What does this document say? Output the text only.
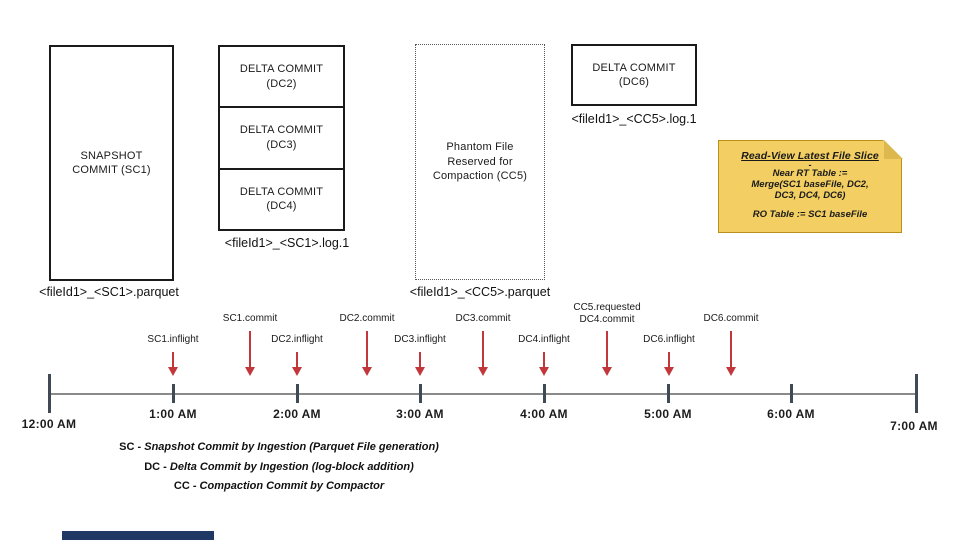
SNAPSHOT
COMMIT (SC1)
<fileId1>_<SC1>.parquet
DELTA COMMIT
(DC2)
DELTA COMMIT
(DC3)
DELTA COMMIT
(DC4)
<fileId1>_<SC1>.log.1
Phantom File
Reserved for
Compaction (CC5)
<fileId1>_<CC5>.parquet
DELTA COMMIT
(DC6)
<fileId1>_<CC5>.log.1
Read-View Latest File Slice
-
Near RT Table :=
Merge(SC1 baseFile, DC2,
DC3, DC4, DC6)
RO Table := SC1 baseFile
12:00 AM
1:00 AM	2:00 AM	3:00 AM	4:00 AM	5:00 AM	6:00 AM
7:00 AM
SC1.inflight
SC1.commit
DC2.inflight
DC2.commit
DC3.inflight
DC3.commit
DC4.inflight
CC5.requested
DC4.commit
DC6.inflight
DC6.commit
SC - Snapshot Commit by Ingestion (Parquet File generation)
DC - Delta Commit by Ingestion (log-block addition)
CC - Compaction Commit by Compactor
